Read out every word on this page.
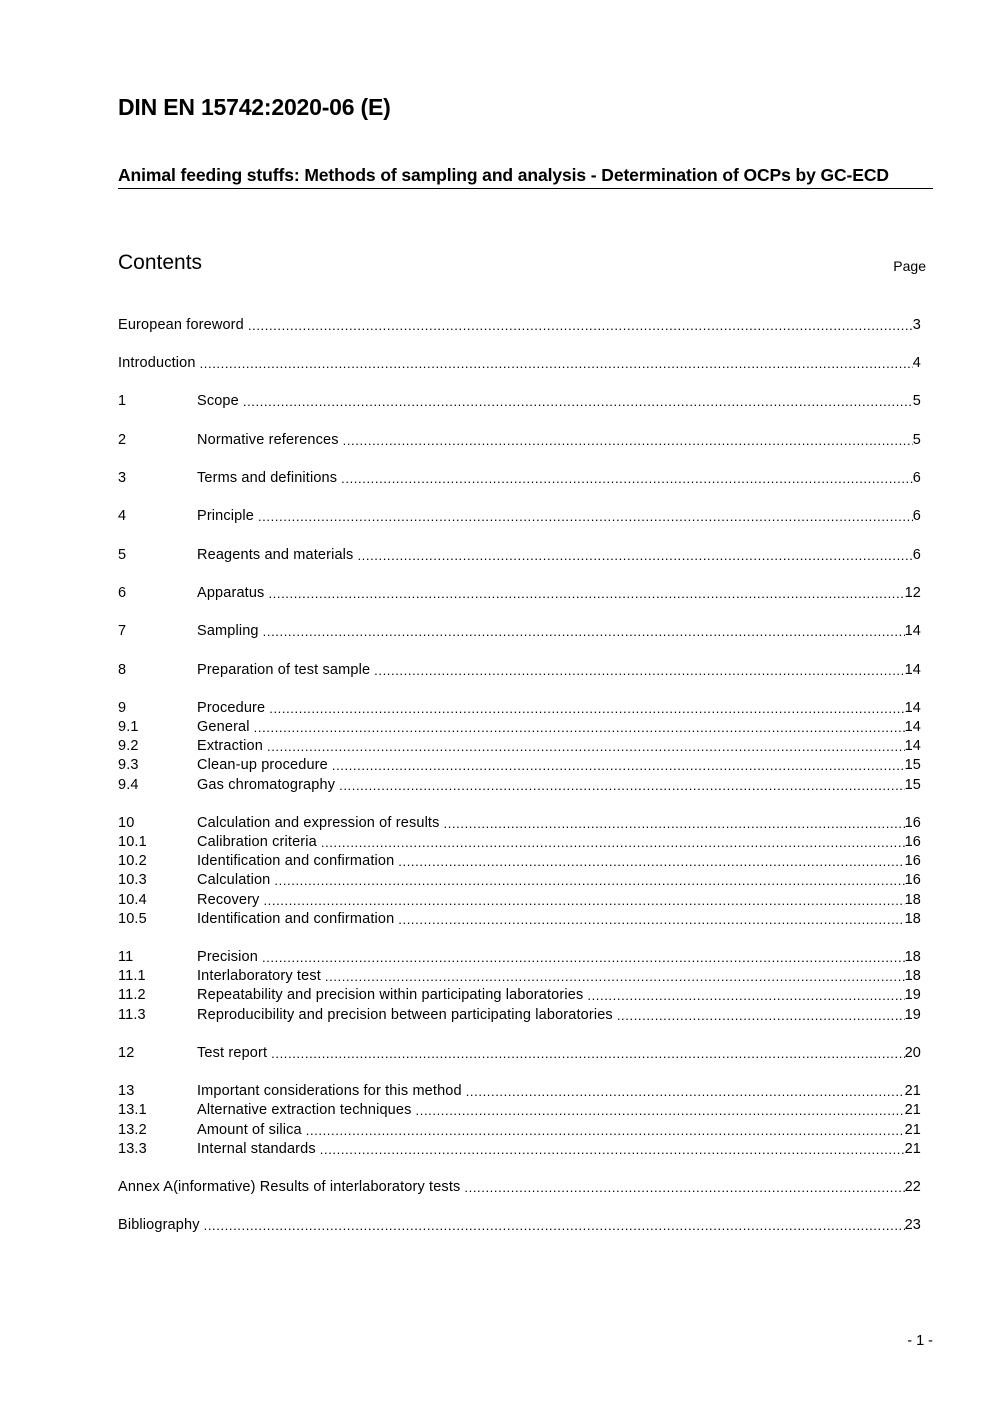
DIN EN 15742:2020-06 (E)
Animal feeding stuffs: Methods of sampling and analysis - Determination of OCPs by GC-ECD
Contents	Page
European foreword .....	3
Introduction .....	4
1	Scope .....	5
2	Normative references .....	5
3	Terms and definitions .....	6
4	Principle .....	6
5	Reagents and materials .....	6
6	Apparatus .....	12
7	Sampling .....	14
8	Preparation of test sample .....	14
9	Procedure .....	14
9.1	General .....	14
9.2	Extraction .....	14
9.3	Clean-up procedure .....	15
9.4	Gas chromatography .....	15
10	Calculation and expression of results .....	16
10.1	Calibration criteria .....	16
10.2	Identification and confirmation .....	16
10.3	Calculation .....	16
10.4	Recovery .....	18
10.5	Identification and confirmation .....	18
11	Precision .....	18
11.1	Interlaboratory test .....	18
11.2	Repeatability and precision within participating laboratories .....	19
11.3	Reproducibility and precision between participating laboratories .....	19
12	Test report .....	20
13	Important considerations for this method .....	21
13.1	Alternative extraction techniques .....	21
13.2	Amount of silica .....	21
13.3	Internal standards .....	21
Annex A(informative) Results of interlaboratory tests .....	22
Bibliography .....	23
- 1 -
